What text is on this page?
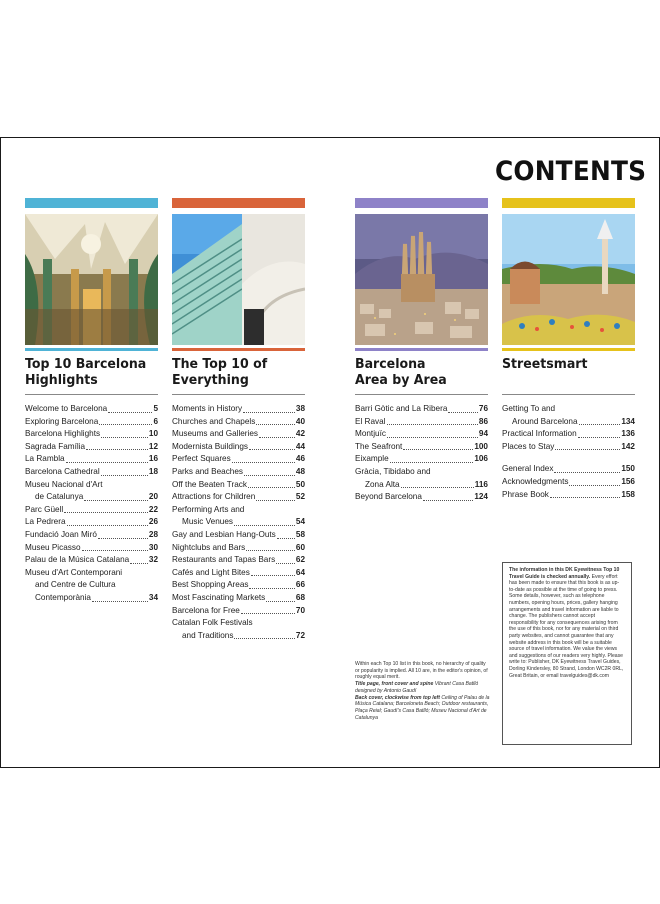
CONTENTS
Top 10 Barcelona
Highlights
Welcome to Barcelona	5
Exploring Barcelona	6
Barcelona Highlights	10
Sagrada Família	12
La Rambla	16
Barcelona Cathedral	18
Museu Nacional d'Art
de Catalunya	20
Parc Güell	22
La Pedrera	26
Fundació Joan Miró	28
Museu Picasso	30
Palau de la Música Catalana 32
Museu d'Art Contemporani
and Centre de Cultura
Contemporània	34
The Top 10 of
Everything
Moments in History	38
Churches and Chapels	40
Museums and Galleries	42
Modernista Buildings	44
Perfect Squares	46
Parks and Beaches	48
Off the Beaten Track	50
Attractions for Children	52
Performing Arts and
Music Venues	54
Gay and Lesbian Hang-Outs 58
Nightclubs and Bars	60
Restaurants and Tapas Bars	62
Cafés and Light Bites	64
Best Shopping Areas	66
Most Fascinating Markets	68
Barcelona for Free	70
Catalan Folk Festivals
and Traditions	72
Barcelona
Area by Area
Barri Gòtic and La Ribera	76
El Raval	86
Montjuïc	94
The Seafront	100
Eixample	106
Gràcia, Tibidabo and
Zona Alta	116
Beyond Barcelona	124
Streetsmart
Getting To and
Around Barcelona	134
Practical Information	136
Places to Stay	142
General Index	150
Acknowledgments	156
Phrase Book	158
Within each Top 10 list in this book, no hierarchy of quality or popularity is implied. All 10 are, in the editor's opinion, of roughly equal merit.
Title page, front cover and spine Vibrant Casa Batlló designed by Antonio Gaudí
Back cover, clockwise from top left Ceiling of Palau de la Música Catalana; Barceloneta Beach; Outdoor restaurants, Plaça Reial; Gaudí's Casa Batlló; Museu Nacional d'Art de Catalunya
The information in this DK Eyewitness Top 10 Travel Guide is checked annually. Every effort has been made to ensure that this book is as up-to-date as possible at the time of going to press. Some details, however, such as telephone numbers, opening hours, prices, gallery hanging arrangements and travel information are liable to change. The publishers cannot accept responsibility for any consequences arising from the use of this book, nor for any material on third party websites, and cannot guarantee that any website address in this book will be a suitable source of travel information. We value the views and suggestions of our readers very highly. Please write to: Publisher, DK Eyewitness Travel Guides, Dorling Kindersley, 80 Strand, London WC2R 0RL, Great Britain, or email travelguides@dk.com
